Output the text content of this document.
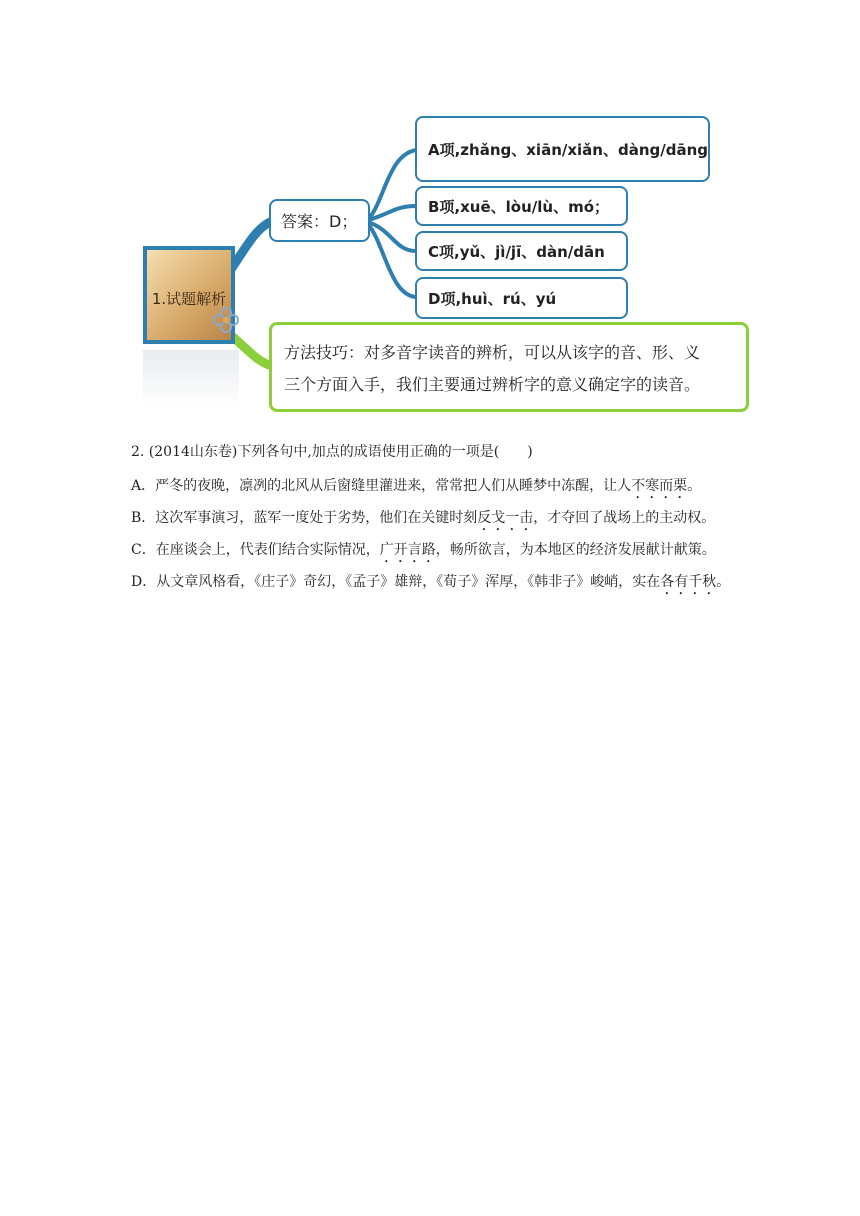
1.试题解析
答案：D；
A项,zhǎng、xiān/xiǎn、dàng/dāng
B项,xuē、lòu/lù、mó；
C项,yǔ、jì/jī、dàn/dān
D项,huì、rú、yú
方法技巧：对多音字读音的辨析，可以从该字的音、形、义
三个方面入手，我们主要通过辨析字的意义确定字的读音。

2. (2014山东卷)下列各句中,加点的成语使用正确的一项是(　　)

A．严冬的夜晚，凛冽的北风从后窗缝里灌进来，常常把人们从睡梦中冻醒，让人不寒而栗。

B．这次军事演习，蓝军一度处于劣势，他们在关键时刻反戈一击，才夺回了战场上的主动权。

C．在座谈会上，代表们结合实际情况，广开言路，畅所欲言，为本地区的经济发展献计献策。

D．从文章风格看，《庄子》奇幻，《孟子》雄辩，《荀子》浑厚，《韩非子》峻峭，实在各有千秋。
